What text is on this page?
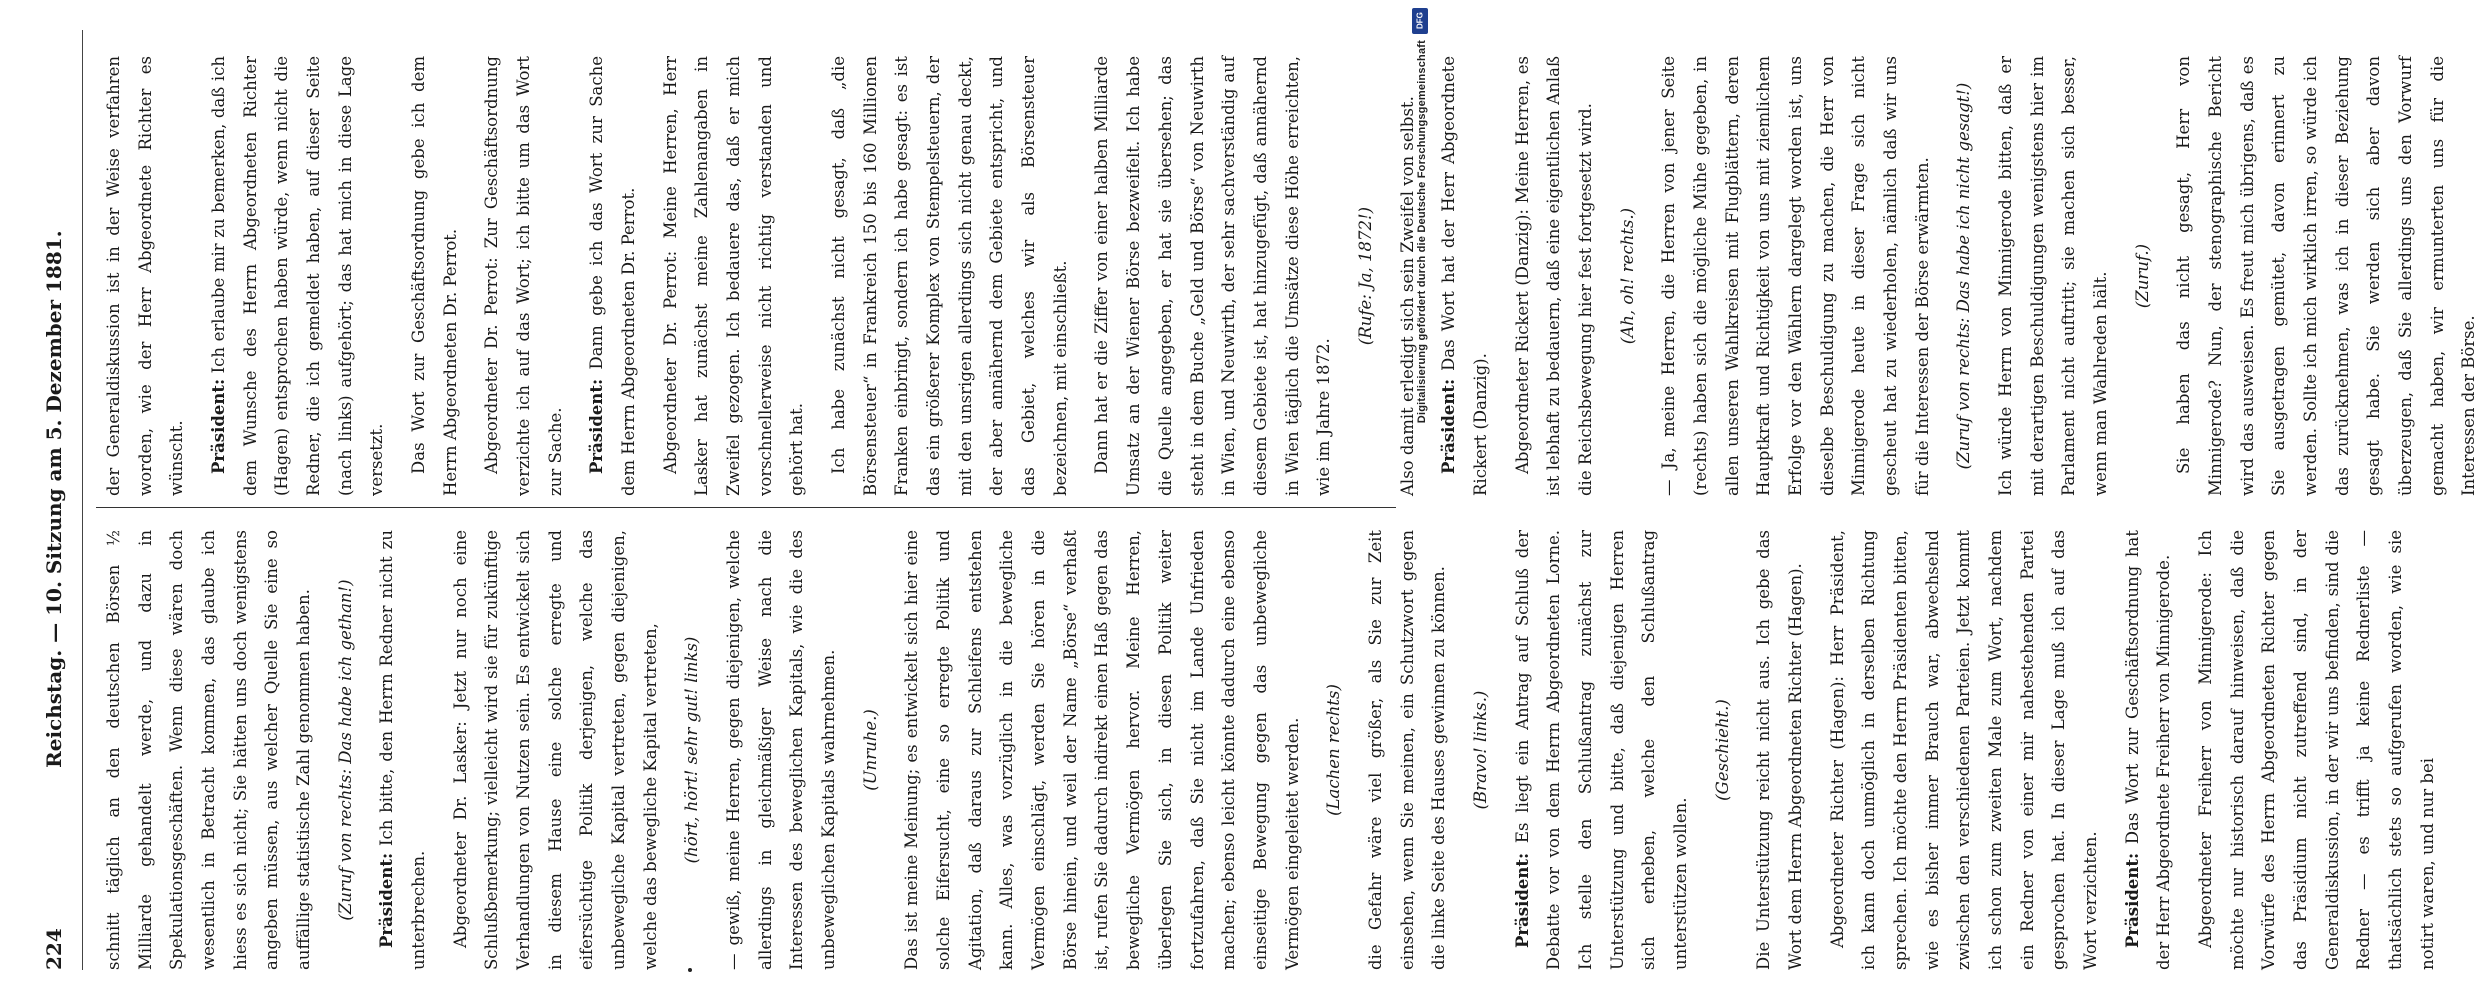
224
Reichstag. — 10. Sitzung am 5. Dezember 1881.	schnitt täglich an den deutschen Börsen ½ Milliarde gehandelt werde, und dazu in Spekulationsgeschäften. Wenn diese wären doch wesentlich in Betracht kommen, das glaube ich hiess es sich nicht; Sie hätten uns doch wenigstens angeben müssen, aus welcher Quelle Sie eine so auffällige statistische Zahl genommen haben.	(Zuruf von rechts: Das habe ich gethan!)	Präsident: Ich bitte, den Herrn Redner nicht zu unterbrechen.	Abgeordneter Dr. Lasker: Jetzt nur noch eine Schlußbemerkung; vielleicht wird sie für zukünftige Verhandlungen von Nutzen sein. Es entwickelt sich in diesem Hause eine solche erregte und eifersüchtige Politik derjenigen, welche das unbewegliche Kapital vertreten, gegen diejenigen, welche das bewegliche Kapital vertreten,	(hört, hört! sehr gut! links)	— gewiß, meine Herren, gegen diejenigen, welche allerdings in gleichmäßiger Weise nach die Interessen des beweglichen Kapitals, wie die des unbeweglichen Kapitals wahrnehmen.	(Unruhe.)	Das ist meine Meinung; es entwickelt sich hier eine solche Eifersucht, eine so erregte Politik und Agitation, daß daraus zur Schleifens entstehen kann. Alles, was vorzüglich in die bewegliche Vermögen einschlägt, werden Sie hören in die Börse hinein, und weil der Name „Börse“ verhaßt ist, rufen Sie dadurch indirekt einen Haß gegen das bewegliche Vermögen hervor. Meine Herren, überlegen Sie sich, in diesen Politik weiter fortzufahren, daß Sie nicht im Lande Unfrieden machen; ebenso leicht könnte dadurch eine ebenso einseitige Bewegung gegen das unbewegliche Vermögen eingeleitet werden.	(Lachen rechts)	die Gefahr wäre viel größer, als Sie zur Zeit einsehen, wenn Sie meinen, ein Schutzwort gegen die linke Seite des Hauses gewinnen zu können.	(Bravo! links.)
Präsident: Es liegt ein Antrag auf Schluß der Debatte vor von dem Herrn Abgeordneten Lorne. Ich stelle den Schlußantrag zunächst zur Unterstützung und bitte, daß diejenigen Herren sich erheben, welche den Schlußantrag unterstützen wollen.
(Geschieht.)	Die Unterstützung reicht nicht aus. Ich gebe das Wort dem Herrn Abgeordneten Richter (Hagen).	Abgeordneter Richter (Hagen): Herr Präsident, ich kann doch unmöglich in derselben Richtung sprechen. Ich möchte den Herrn Präsidenten bitten, wie es bisher immer Brauch war, abwechselnd zwischen den verschiedenen Parteien. Jetzt kommt ich schon zum zweiten Male zum Wort, nachdem ein Redner von einer mir nahestehenden Partei gesprochen hat. In dieser Lage muß ich auf das Wort verzichten.	Präsident: Das Wort zur Geschäftsordnung hat der Herr Abgeordnete Freiherr von Minnigerode.	Abgeordneter Freiherr von Minnigerode: Ich möchte nur historisch darauf hinweisen, daß die Vorwürfe des Herrn Abgeordneten Richter gegen das Präsidium nicht zutreffend sind, in der Generaldiskussion, in der wir uns befinden, sind die Redner — es trifft ja keine Rednerliste — thatsächlich stets so aufgerufen worden, wie sie notirt waren, und nur bei
der Generaldiskussion ist in der Weise verfahren worden, wie der Herr Abgeordnete Richter es wünscht.	Präsident: Ich erlaube mir zu bemerken, daß ich dem Wunsche des Herrn Abgeordneten Richter (Hagen) entsprochen haben würde, wenn nicht die Redner, die ich gemeldet haben, auf dieser Seite (nach links) aufgehört; das hat mich in diese Lage versetzt.	Das Wort zur Geschäftsordnung gebe ich dem Herrn Abgeordneten Dr. Perrot.	Abgeordneter Dr. Perrot: Zur Geschäftsordnung verzichte ich auf das Wort; ich bitte um das Wort zur Sache.	Präsident: Dann gebe ich das Wort zur Sache dem Herrn Abgeordneten Dr. Perrot.	Abgeordneter Dr. Perrot: Meine Herren, Herr Lasker hat zunächst meine Zahlenangaben in Zweifel gezogen. Ich bedauere das, daß er mich vorschnellerweise nicht richtig verstanden und gehört hat.	Ich habe zunächst nicht gesagt, daß „die Börsensteuer“ in Frankreich 150 bis 160 Millionen Franken einbringt, sondern ich habe gesagt: es ist das ein größerer Komplex von Stempelsteuern, der mit den unsrigen allerdings sich nicht genau deckt, der aber annähernd dem Gebiete entspricht, und das Gebiet, welches wir als Börsensteuer bezeichnen, mit einschließt.	Dann hat er die Ziffer von einer halben Milliarde Umsatz an der Wiener Börse bezweifelt. Ich habe die Quelle angegeben, er hat sie übersehen; das steht in dem Buche „Geld und Börse“ von Neuwirth in Wien, und Neuwirth, der sehr sachverständig auf diesem Gebiete ist, hat hinzugefügt, daß annähernd in Wien täglich die Umsätze diese Höhe erreichten, wie im Jahre 1872.
(Rufe: Ja, 1872!)	Also damit erledigt sich sein Zweifel von selbst.	Präsident: Das Wort hat der Herr Abgeordnete Rickert (Danzig).	Abgeordneter Rickert (Danzig): Meine Herren, es ist lebhaft zu bedauern, daß eine eigentlichen Anlaß die Reichsbewegung hier fest fortgesetzt wird.	(Ah, oh! rechts.)	— Ja, meine Herren, die Herren von jener Seite (rechts) haben sich die mögliche Mühe gegeben, in allen unseren Wahlkreisen mit Flugblättern, deren Hauptkraft und Richtigkeit von uns mit ziemlichem Erfolge vor den Wählern dargelegt worden ist, uns dieselbe Beschuldigung zu machen, die Herr von Minnigerode heute in dieser Frage sich nicht gescheut hat zu wiederholen, nämlich daß wir uns für die Interessen der Börse erwärmten.	(Zuruf von rechts: Das habe ich nicht gesagt!)	Ich würde Herrn von Minnigerode bitten, daß er mit derartigen Beschuldigungen wenigstens hier im Parlament nicht auftritt; sie machen sich besser, wenn man Wahlreden hält.	(Zuruf.)	Sie haben das nicht gesagt, Herr von Minnigerode? Nun, der stenographische Bericht wird das ausweisen. Es freut mich übrigens, daß es Sie ausgetragen gemütet, davon erinnert zu werden. Sollte ich mich wirklich irren, so würde ich das zurücknehmen, was ich in dieser Beziehung gesagt habe. Sie werden sich aber davon überzeugen, daß Sie allerdings uns den Vorwurf gemacht haben, wir ermunterten uns für die Interessen der Börse.
DFG
Digitalisierung gefördert durch die Deutsche Forschungsgemeinschaft
